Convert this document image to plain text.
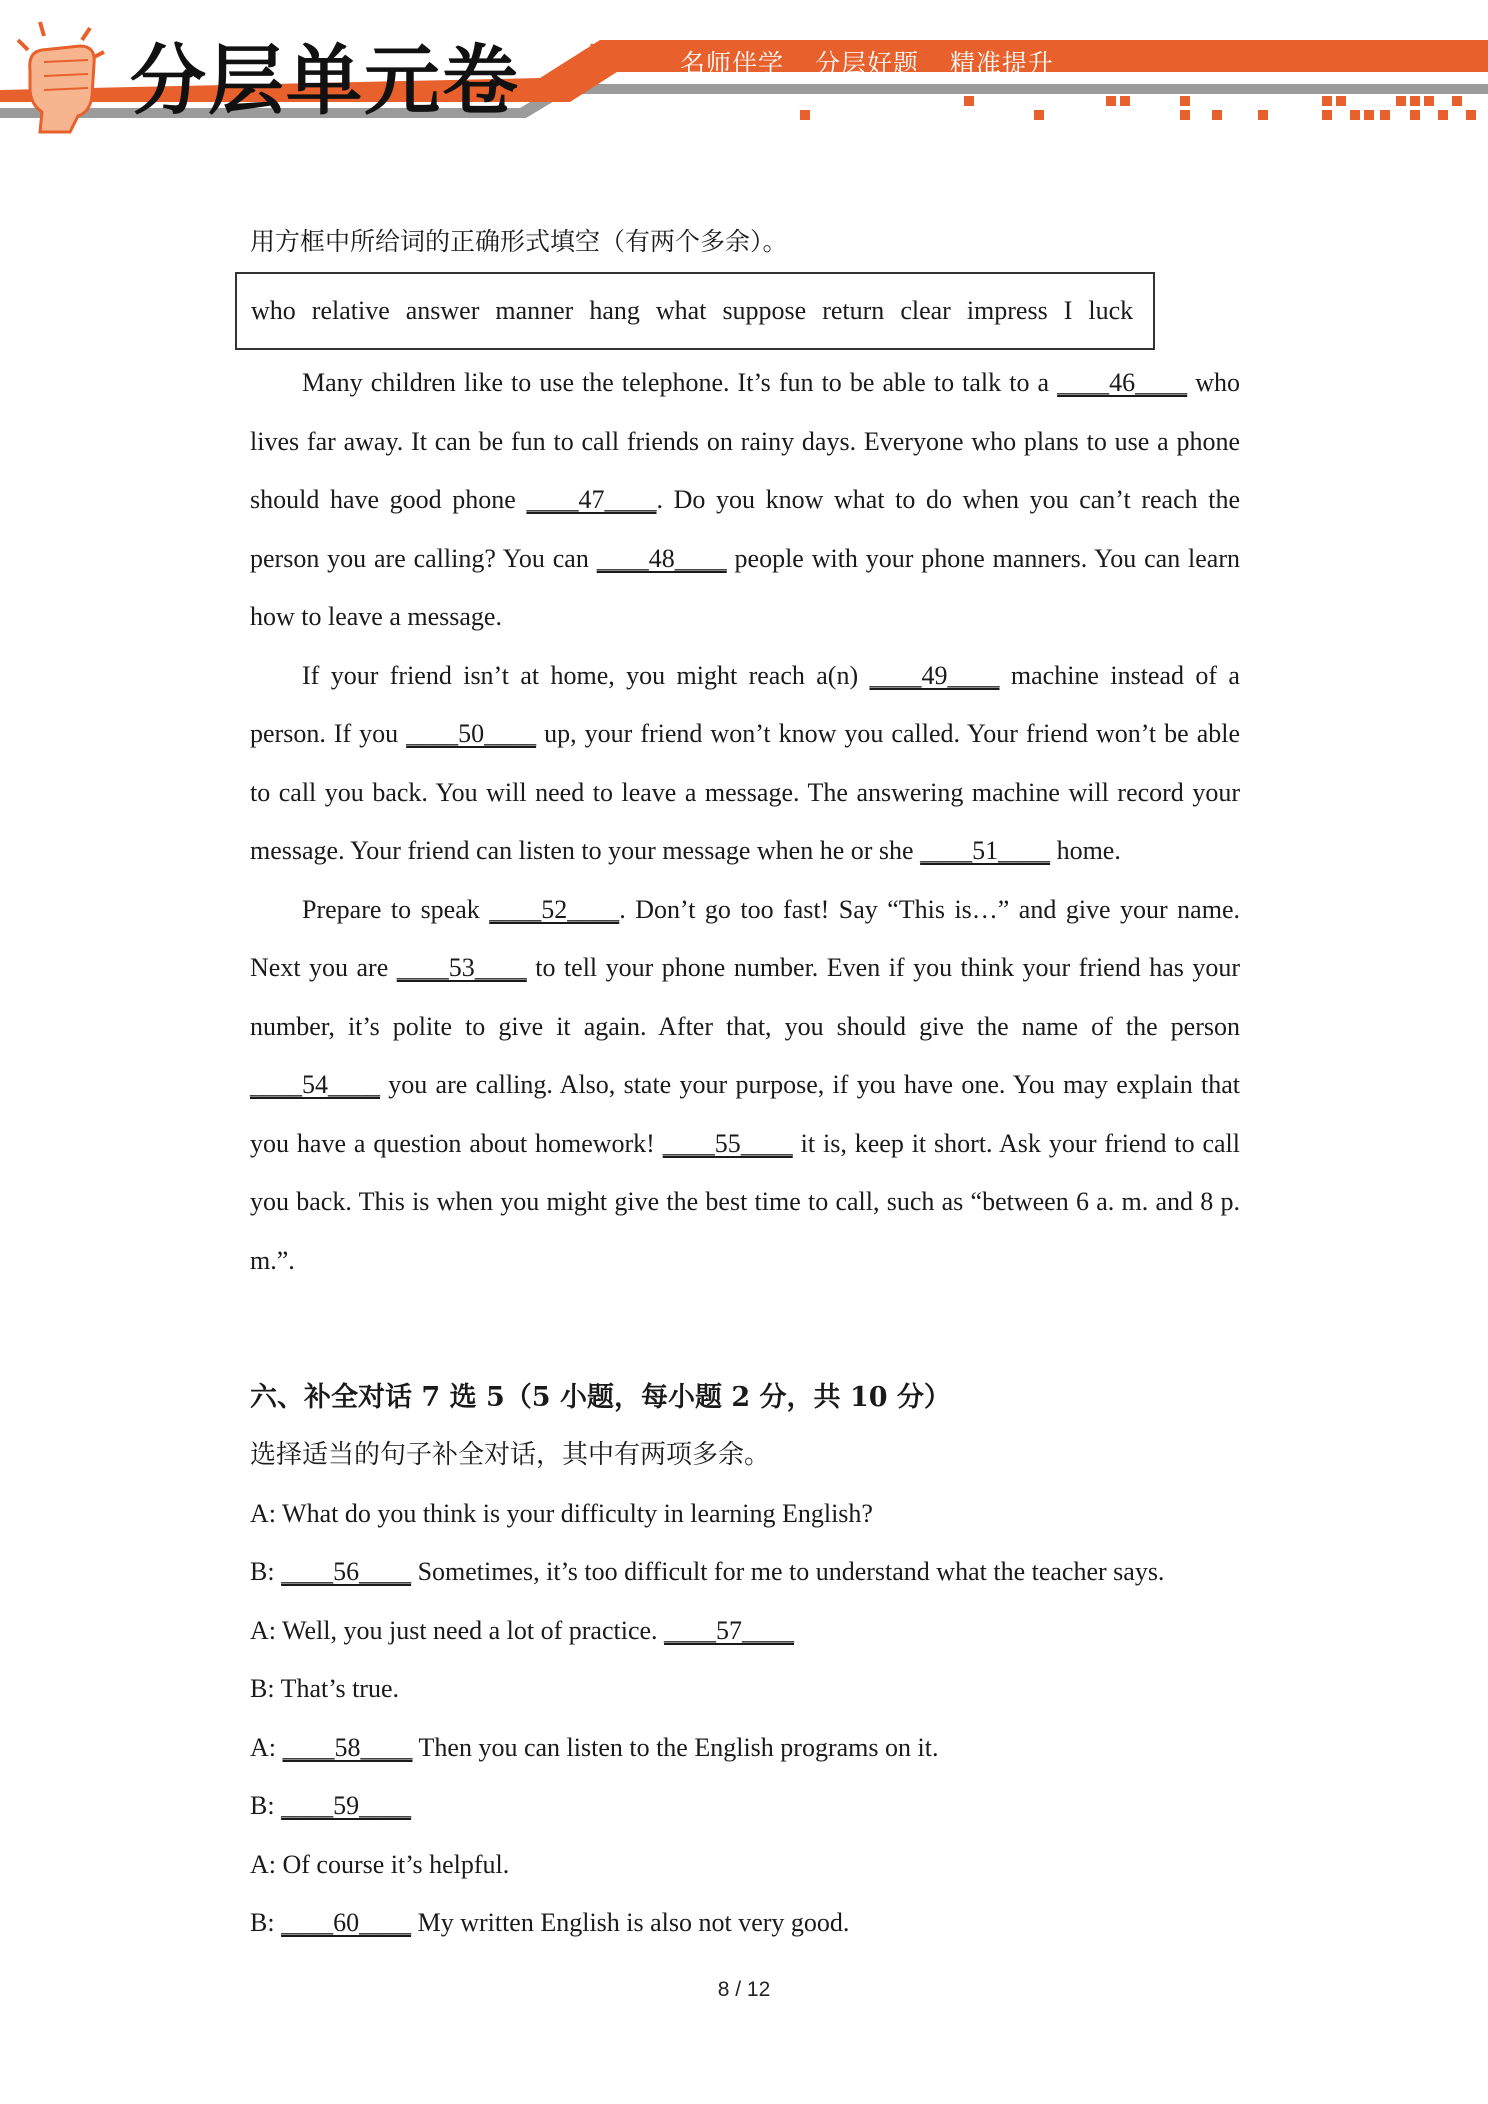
分层单元卷	名师伴学 分层好题 精准提升
用方框中所给词的正确形式填空（有两个多余）。
who relative answer manner hang what suppose return clear impress I luck

Many children like to use the telephone. It’s fun to be able to talk to a ____46____ who lives far away. It can be fun to call friends on rainy days. Everyone who plans to use a phone should have good phone ____47____. Do you know what to do when you can’t reach the person you are calling? You can ____48____ people with your phone manners. You can learn how to leave a message.

If your friend isn’t at home, you might reach a(n) ____49____ machine instead of a person. If you ____50____ up, your friend won’t know you called. Your friend won’t be able to call you back. You will need to leave a message. The answering machine will record your message. Your friend can listen to your message when he or she ____51____ home.

Prepare to speak ____52____. Don’t go too fast! Say “This is…” and give your name. Next you are ____53____ to tell your phone number. Even if you think your friend has your number, it’s polite to give it again. After that, you should give the name of the person ____54____ you are calling. Also, state your purpose, if you have one. You may explain that you have a question about homework! ____55____ it is, keep it short. Ask your friend to call you back. This is when you might give the best time to call, such as “between 6 a. m. and 8 p. m.”.

六、补全对话 7 选 5（5 小题，每小题 2 分，共 10 分）
选择适当的句子补全对话，其中有两项多余。
A: What do you think is your difficulty in learning English?
B: ____56____ Sometimes, it’s too difficult for me to understand what the teacher says.
A: Well, you just need a lot of practice. ____57____
B: That’s true.
A: ____58____ Then you can listen to the English programs on it.
B: ____59____
A: Of course it’s helpful.
B: ____60____ My written English is also not very good.
8 / 12
